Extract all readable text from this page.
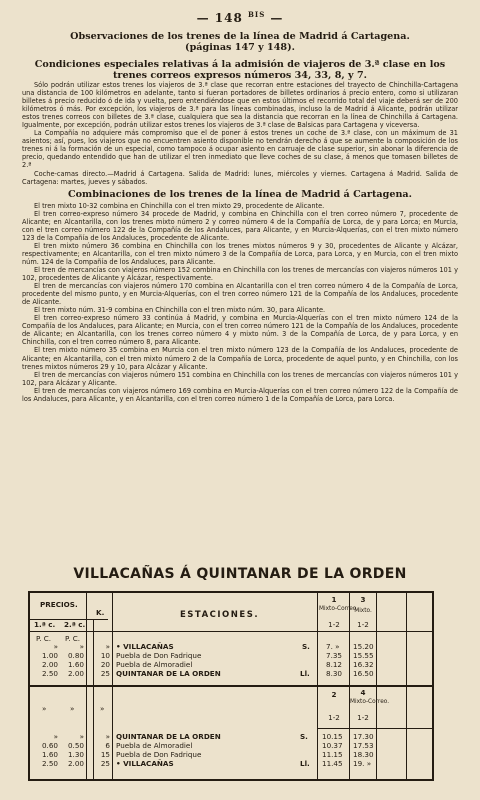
— 148 $^{BIS}$ —
Observaciones de los trenes de la línea de Madrid á Cartagena.
(páginas 147 y 148).
Condiciones especiales relativas á la admisión de viajeros de 3.ª clase en los trenes correos expresos números 34, 33, 8, y 7.

Sólo podrán utilizar estos trenes los viajeros de 3.ª clase que recorran entre estaciones del trayecto de Chinchilla-Cartagena una distancia de 100 kilómetros en adelante, tanto si fueran portadores de billetes ordinarios á precio entero, como si utilizaran billetes á precio reducido ó de ida y vuelta, pero entendiéndose que en estos últimos el recorrido total del viaje deberá ser de 200 kilómetros ó más. Por excepción, los viajeros de 3.ª para las líneas combinadas, incluso la de Madrid á Alicante, podrán utilizar estos trenes correos con billetes de 3.ª clase, cualquiera que sea la distancia que recorran en la línea de Chinchilla á Cartagena. Igualmente, por excepción, podrán utilizar estos trenes los viajeros de 3.ª clase de Balsicas para Cartagena y viceversa.

La Compañía no adquiere más compromiso que el de poner á estos trenes un coche de 3.ª clase, con un máximum de 31 asientos; así, pues, los viajeros que no encuentren asiento disponible no tendrán derecho á que se aumente la composición de los trenes ni á la formación de un especial, como tampoco á ocupar asiento en carruaje de clase superior, sin abonar la diferencia de precio, quedando entendido que han de utilizar el tren inmediato que lleve coches de su clase, á menos que tomasen billetes de 2.ª

Coche-camas directo.—Madrid á Cartagena. Salida de Madrid: lunes, miércoles y viernes. Cartagena á Madrid. Salida de Cartagena: martes, jueves y sábados.

Combinaciones de los trenes de la línea de Madrid á Cartagena.

El tren mixto 10-32 combina en Chinchilla con el tren mixto 29, procedente de Alicante.

El tren correo-expreso número 34 procede de Madrid, y combina en Chinchilla con el tren correo número 7, procedente de Alicante; en Alcantarilla, con los trenes mixto número 2 y correo número 4 de la Compañía de Lorca, de y para Lorca; en Murcia, con el tren correo número 122 de la Compañía de los Andaluces, para Alicante, y en Murcia-Alquerías, con el tren mixto número 123 de la Compañía de los Andaluces, procedente de Alicante.

El tren mixto número 36 combina en Chinchilla con los trenes mixtos números 9 y 30, procedentes de Alicante y Alcázar, respectivamente; en Alcantarilla, con el tren mixto número 3 de la Compañía de Lorca, para Lorca, y en Murcia, con el tren mixto núm. 124 de la Compañía de los Andaluces, para Alicante.

El tren de mercancías con viajeros número 152 combina en Chinchilla con los trenes de mercancías con viajeros números 101 y 102, procedentes de Alicante y Alcázar, respectivamente.

El tren de mercancías con viajeros número 170 combina en Alcantarilla con el tren correo número 4 de la Compañía de Lorca, procedente del mismo punto, y en Murcia-Alquerías, con el tren correo número 121 de la Compañía de los Andaluces, procedente de Alicante.

El tren mixto núm. 31-9 combina en Chinchilla con el tren mixto núm. 30, para Alicante.

El tren correo-expreso número 33 continúa á Madrid, y combina en Murcia-Alquerías con el tren mixto número 124 de la Compañía de los Andaluces, para Alicante; en Murcia, con el tren correo número 121 de la Compañía de los Andaluces, procedente de Alicante; en Alcantarilla, con los trenes correo número 4 y mixto núm. 3 de la Compañía de Lorca, de y para Lorca, y en Chinchilla, con el tren correo número 8, para Alicante.

El tren mixto número 35 combina en Murcia con el tren mixto número 123 de la Compañía de los Andaluces, procedente de Alicante; en Alcantarilla, con el tren mixto número 2 de la Compañía de Lorca, procedente de aquel punto, y en Chinchilla, con los trenes mixtos números 29 y 10, para Alcázar y Alicante.

El tren de mercancías con viajeros número 151 combina en Chinchilla con los trenes de mercancías con viajeros números 101 y 102, para Alcázar y Alicante.

El tren de mercancías con viajeros número 169 combina en Murcia-Alquerías con el tren correo número 122 de la Compañía de los Andaluces, para Alicante, y en Alcantarilla, con el tren correo número 1 de la Compañía de Lorca, para Lorca.

VILLACAÑAS Á QUINTANAR DE LA ORDEN
PRECIOS.
1.ª c. 2.ª c.
K.	ESTACIONES.
1
Mixto-Correo.
1-2
3
Mixto.
1-2
P. C. P. C.
»	»	» • VILLACAÑAS	S. 7. » 15.20
1.00	0.80	10 Puebla de Don Fadrique	7.35 15.55
2.00	1.60	20 Puebla de Almoradiel	8.12 16.32
2.50	2.00	25 QUINTANAR DE LA ORDEN	Ll. 8.30 16.50
2
1-2
4
Mixto-Correo.
1-2
»	»	»
»	»	» QUINTANAR DE LA ORDEN	S. 10.15 17.30
0.60	0.50	6 Puebla de Almoradiel	10.37 17.53
1.60	1.30	15 Puebla de Don Fadrique	11.15 18.30
2.50	2.00	25 • VILLACAÑAS	Ll. 11.45 19. »
